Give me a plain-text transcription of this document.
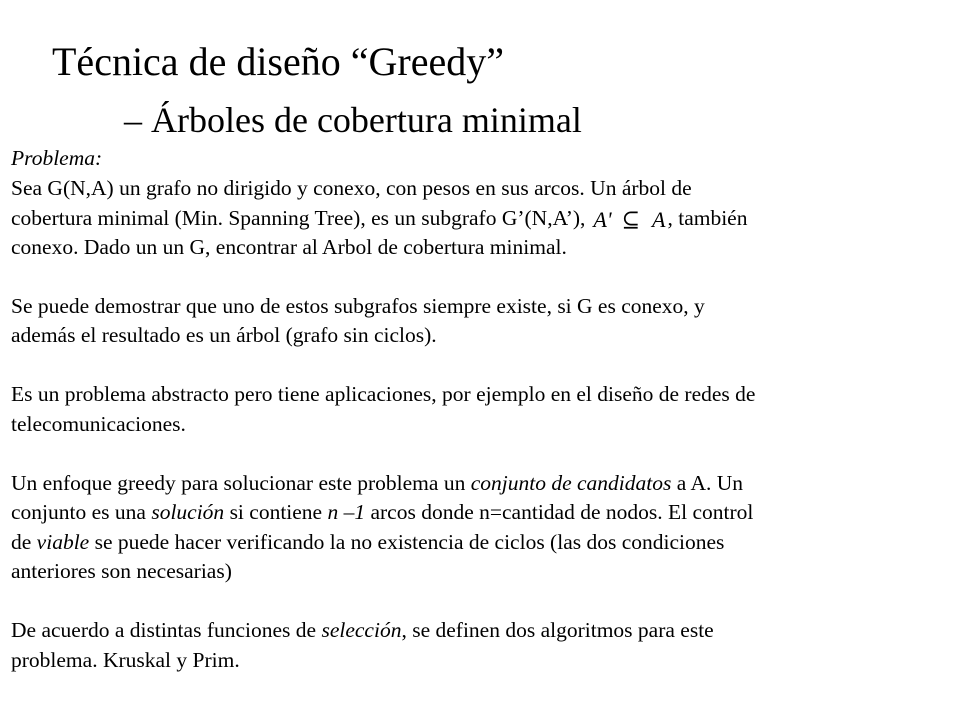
Técnica de diseño “Greedy”
– Árboles de cobertura minimal
Problema:
Sea G(N,A) un grafo no dirigido y conexo, con pesos en sus arcos. Un árbol de
cobertura minimal (Min. Spanning Tree), es un subgrafo G’(N,A’), A' ⊆ A, también
conexo. Dado un un G, encontrar al Arbol de cobertura minimal.
Se puede demostrar que uno de estos subgrafos siempre existe, si G es conexo, y
además el resultado es un árbol (grafo sin ciclos).
Es un problema abstracto pero tiene aplicaciones, por ejemplo en el diseño de redes de
telecomunicaciones.
Un enfoque greedy para solucionar este problema un conjunto de candidatos a A. Un
conjunto es una solución si contiene n –1 arcos donde n=cantidad de nodos. El control
de viable se puede hacer verificando la no existencia de ciclos (las dos condiciones
anteriores son necesarias)
De acuerdo a distintas funciones de selección, se definen dos algoritmos para este
problema. Kruskal y Prim.
